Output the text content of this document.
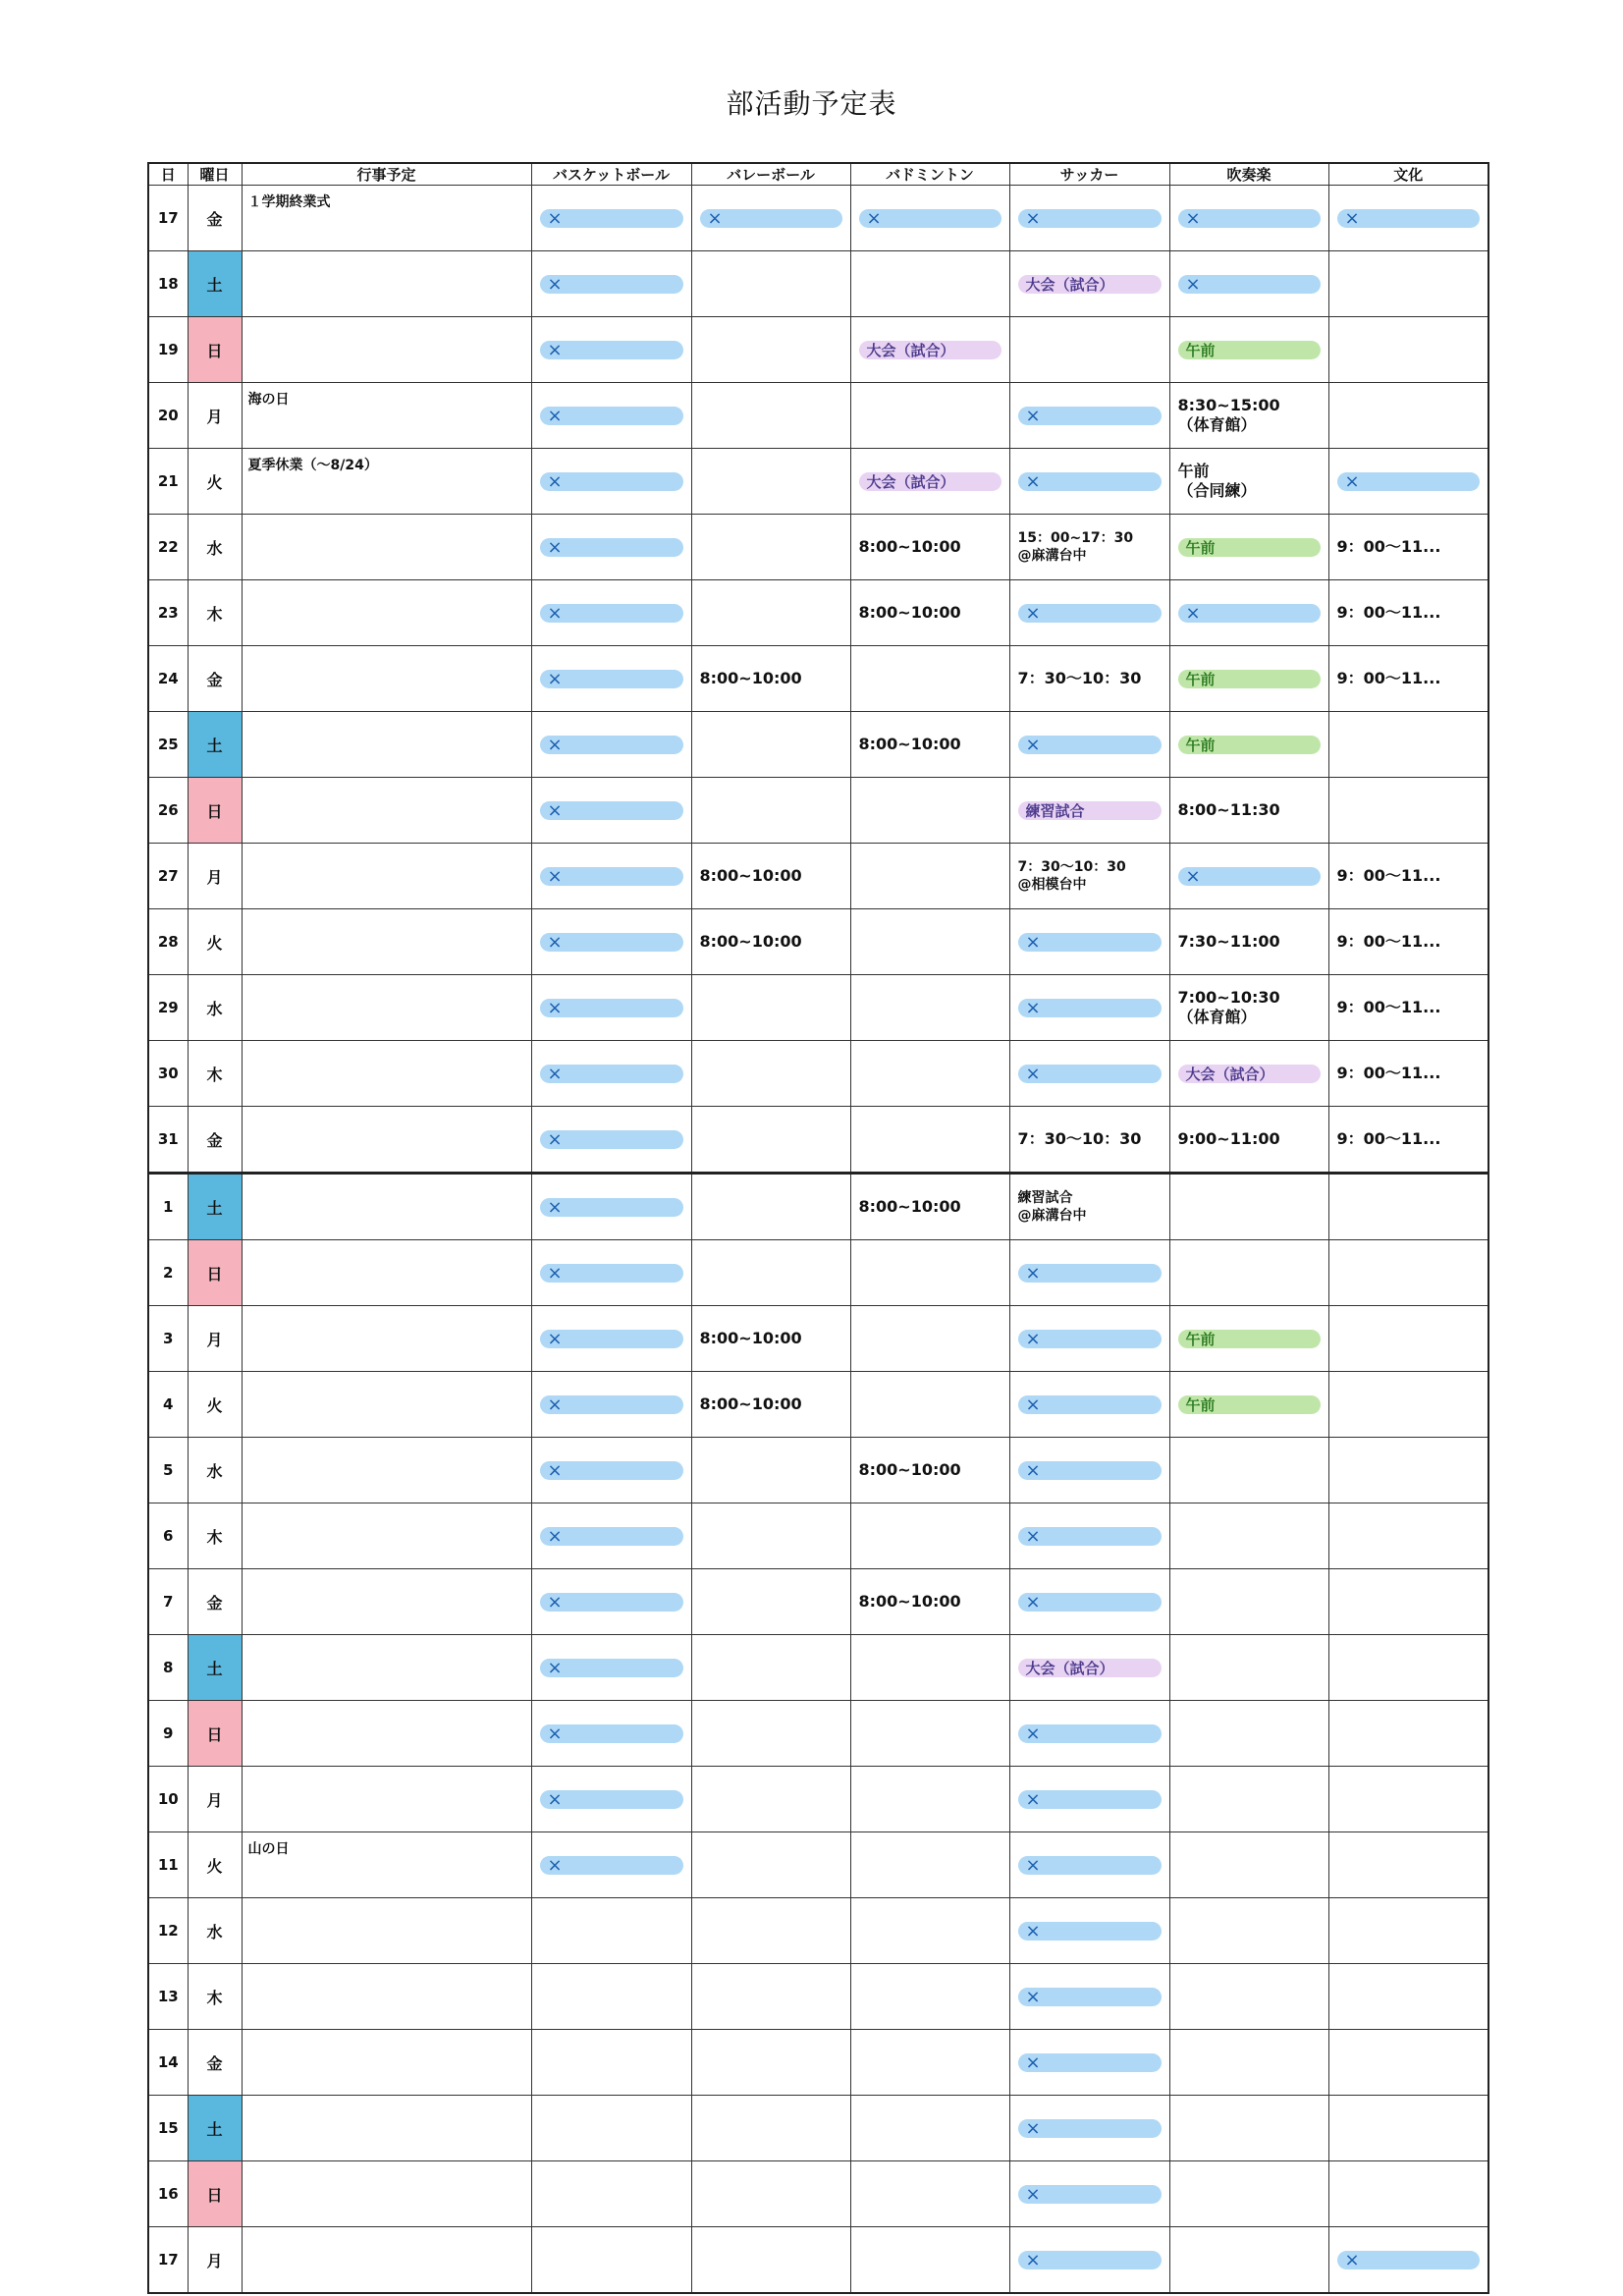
部活動予定表
日	曜日	行事予定	バスケットボール	バレーボール	バドミントン	サッカー	吹奏楽	文化
17	金	１学期終業式	×	×	×	×	×	×

18	土		×			大会（試合）	×	

19	日		×		大会（試合）		午前	

20	月	海の日	×			×	8:30~15:00
（体育館）	

21	火	夏季休業（～8/24）	×		大会（試合）	×	午前
（合同練）	×

22	水		×		8:00~10:00	15：00~17：30
@麻溝台中	午前	9：00～11...

23	木		×		8:00~10:00	×	×	9：00～11...

24	金		×	8:00~10:00		7：30～10：30	午前	9：00～11...

25	土		×		8:00~10:00	×	午前	

26	日		×			練習試合	8:00~11:30	

27	月		×	8:00~10:00		7：30～10：30
@相模台中	×	9：00～11...

28	火		×	8:00~10:00		×	7:30~11:00	9：00～11...

29	水		×			×	7:00~10:30
（体育館）	9：00～11...

30	木		×			×	大会（試合）	9：00～11...

31	金		×			7：30～10：30	9:00~11:00	9：00～11...

1	土		×		8:00~10:00	練習試合
@麻溝台中		

2	日		×			×		

3	月		×	8:00~10:00		×	午前	

4	火		×	8:00~10:00		×	午前	

5	水		×		8:00~10:00	×		

6	木		×			×		

7	金		×		8:00~10:00	×		

8	土		×			大会（試合）		

9	日		×			×		

10	月		×			×		

11	火	山の日	×			×		

12	水					×		

13	木					×		

14	金					×		

15	土					×		

16	日					×		

17	月					×		×
